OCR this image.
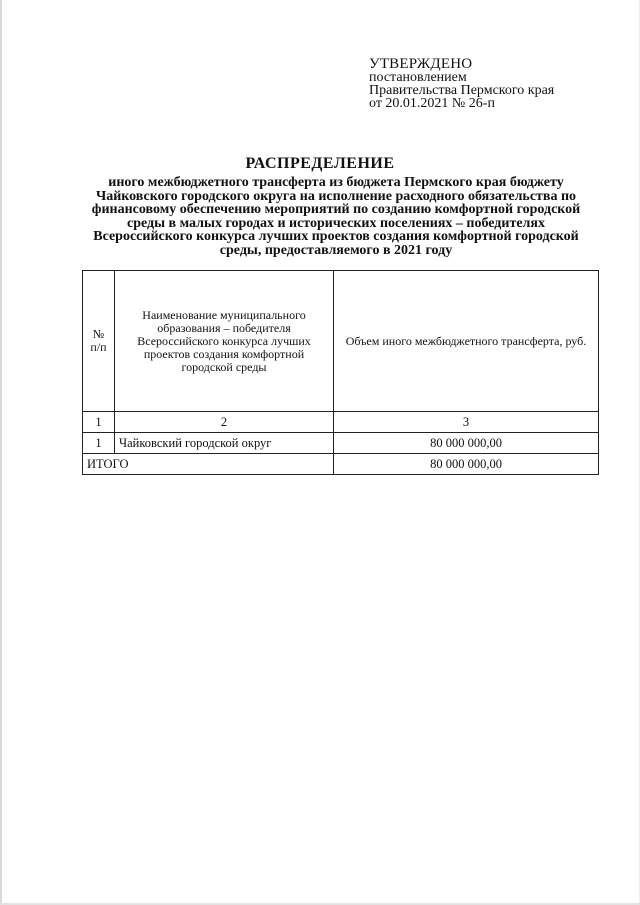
УТВЕРЖДЕНО
постановлением
Правительства Пермского края
от 20.01.2021 № 26-п
РАСПРЕДЕЛЕНИЕ
иного межбюджетного трансферта из бюджета Пермского края бюджету Чайковского городского округа на исполнение расходного обязательства по финансовому обеспечению мероприятий по созданию комфортной городской среды в малых городах и исторических поселениях – победителях Всероссийского конкурса лучших проектов создания комфортной городской среды, предоставляемого в 2021 году
№ п/п	Наименование муниципального образования – победителя Всероссийского конкурса лучших проектов создания комфортной городской среды	Объем иного межбюджетного трансферта, руб.
1	2	3
1	Чайковский городской округ	80 000 000,00
ИТОГО		80 000 000,00
